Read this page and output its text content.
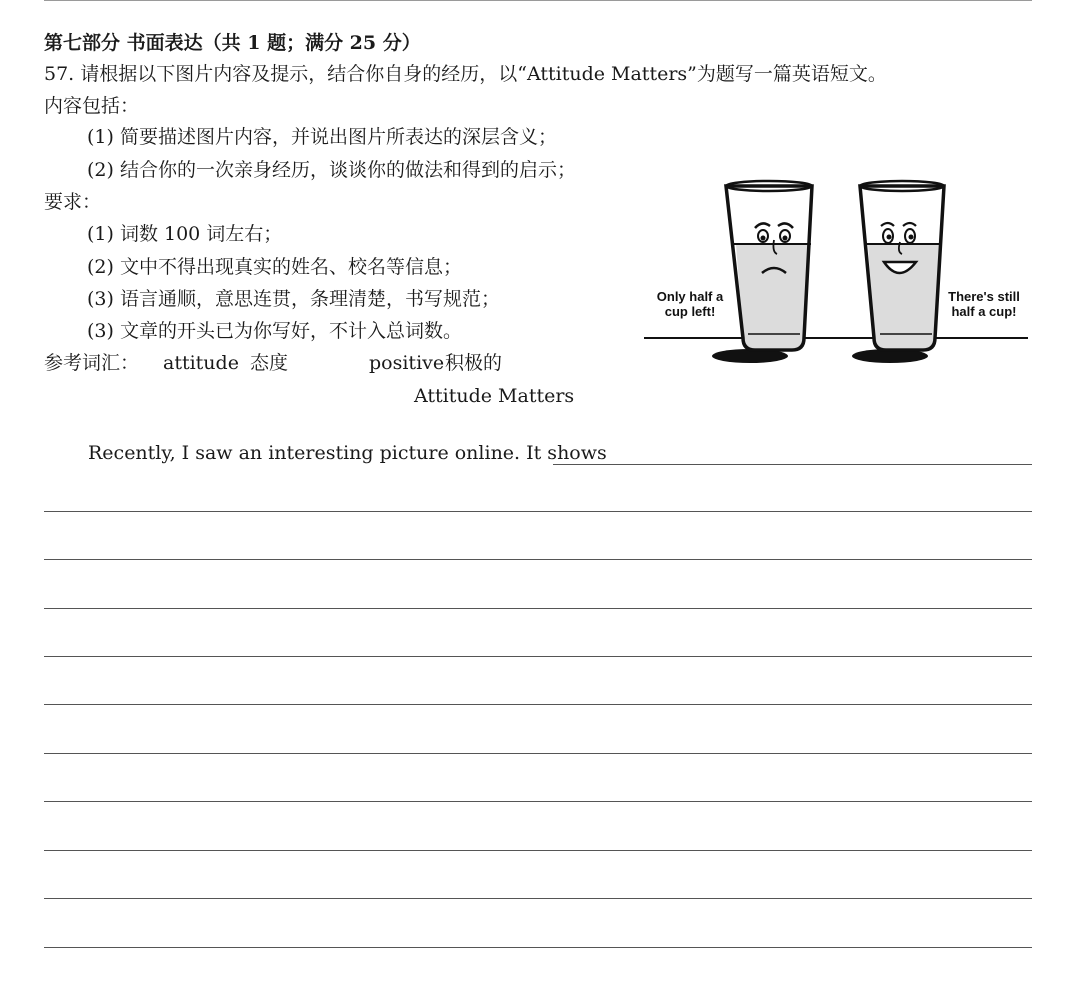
第七部分 书面表达（共 1 题；满分 25 分）
57. 请根据以下图片内容及提示，结合你自身的经历，以“Attitude Matters”为题写一篇英语短文。
内容包括：
(1) 简要描述图片内容，并说出图片所表达的深层含义；
(2) 结合你的一次亲身经历，谈谈你的做法和得到的启示；
要求：
(1) 词数 100 词左右；
(2) 文中不得出现真实的姓名、校名等信息；
(3) 语言通顺，意思连贯，条理清楚，书写规范；
(3) 文章的开头已为你写好，不计入总词数。
参考词汇： attitude 态度	positive积极的
Only half a
cup left!
There's still
half a cup!
Attitude Matters
Recently, I saw an interesting picture online. It shows
